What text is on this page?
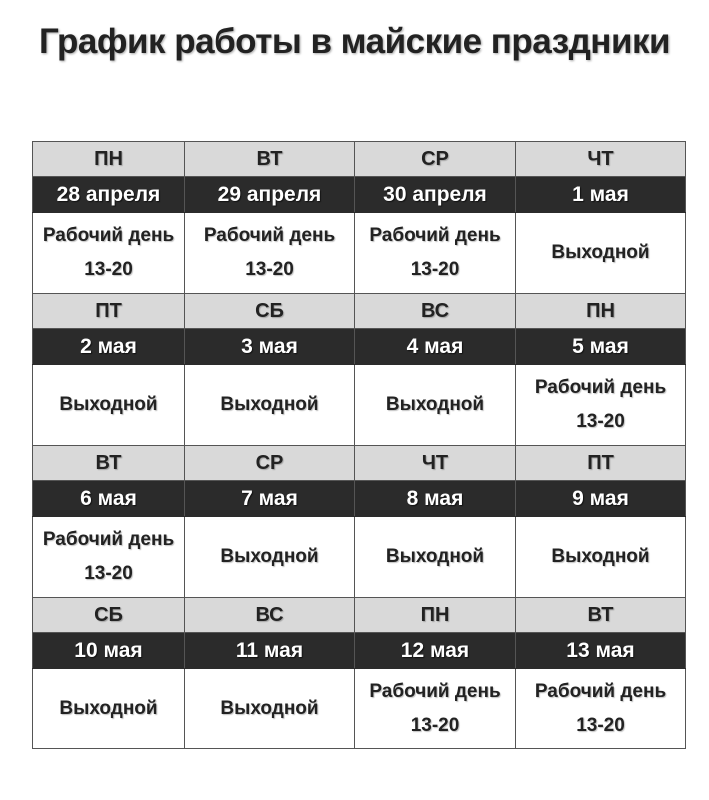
График работы в майские праздники
ПН	ВТ	СР	ЧТ
28 апреля	29 апреля	30 апреля	1 мая

Рабочий день
13-20	Рабочий день
13-20	Рабочий день
13-20	Выходной

ПТ	СБ	ВС	ПН
2 мая	3 мая	4 мая	5 мая

Выходной	Выходной	Выходной	Рабочий день
13-20

ВТ	СР	ЧТ	ПТ
6 мая	7 мая	8 мая	9 мая

Рабочий день
13-20	Выходной	Выходной	Выходной

СБ	ВС	ПН	ВТ
10 мая	11 мая	12 мая	13 мая

Выходной	Выходной	Рабочий день
13-20	Рабочий день
13-20
